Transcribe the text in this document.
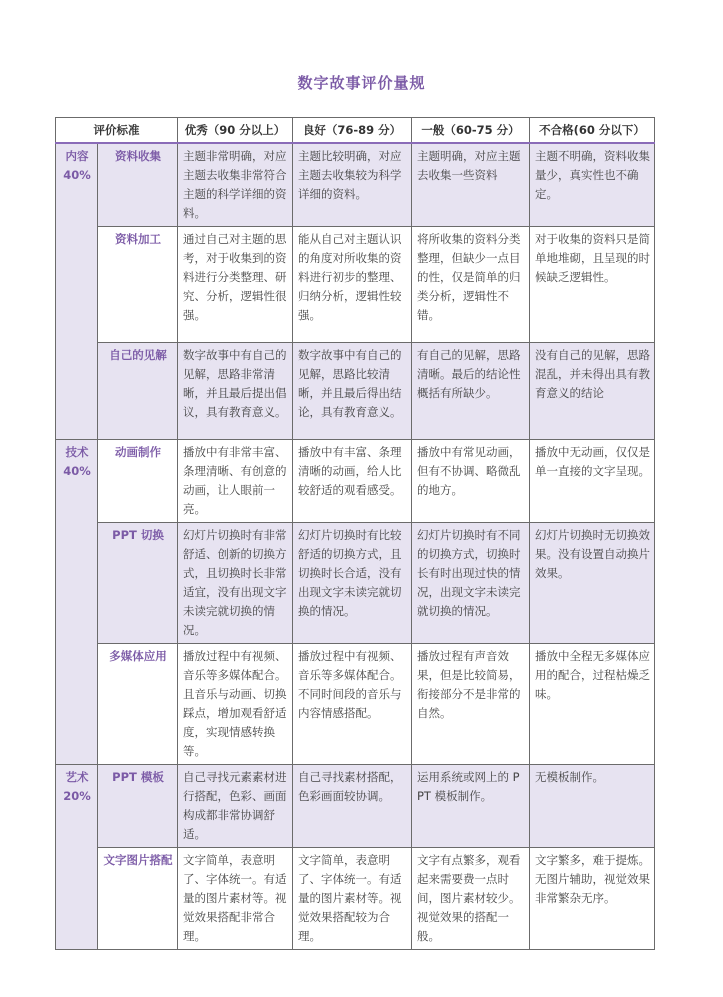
数字故事评价量规
评价标准		优秀（90 分以上）	良好（76-89 分）	一般（60-75 分）	不合格(60 分以下）

内容
40%	资料收集	主题非常明确，对应主题去收集非常符合主题的科学详细的资料。	主题比较明确，对应主题去收集较为科学详细的资料。	主题明确，对应主题去收集一些资料	主题不明确，资料收集量少，真实性也不确定。
	资料加工	通过自己对主题的思考，对于收集到的资料进行分类整理、研究、分析，逻辑性很强。	能从自己对主题认识的角度对所收集的资料进行初步的整理、归纳分析，逻辑性较强。	将所收集的资料分类整理，但缺少一点目的性，仅是简单的归类分析，逻辑性不错。	对于收集的资料只是简单地堆砌，且呈现的时候缺乏逻辑性。
	自己的见解	数字故事中有自己的见解，思路非常清晰，并且最后提出倡议，具有教育意义。	数字故事中有自己的见解，思路比较清晰，并且最后得出结论，具有教育意义。	有自己的见解，思路清晰。最后的结论性概括有所缺少。	没有自己的见解，思路混乱，并未得出具有教育意义的结论

技术
40%	动画制作	播放中有非常丰富、条理清晰、有创意的动画，让人眼前一亮。	播放中有丰富、条理清晰的动画，给人比较舒适的观看感受。	播放中有常见动画，但有不协调、略微乱的地方。	播放中无动画，仅仅是单一直接的文字呈现。
	PPT 切换	幻灯片切换时有非常舒适、创新的切换方式，且切换时长非常适宜，没有出现文字未读完就切换的情况。	幻灯片切换时有比较舒适的切换方式，且切换时长合适，没有出现文字未读完就切换的情况。	幻灯片切换时有不同的切换方式，切换时长有时出现过快的情况，出现文字未读完就切换的情况。	幻灯片切换时无切换效果。没有设置自动换片效果。
	多媒体应用	播放过程中有视频、音乐等多媒体配合。且音乐与动画、切换踩点，增加观看舒适度，实现情感转换等。	播放过程中有视频、音乐等多媒体配合。不同时间段的音乐与内容情感搭配。	播放过程有声音效果，但是比较简易，衔接部分不是非常的自然。	播放中全程无多媒体应用的配合，过程枯燥乏味。

艺术
20%	PPT 模板	自己寻找元素素材进行搭配，色彩、画面构成都非常协调舒适。	自己寻找素材搭配，色彩画面较协调。	运用系统或网上的 PPT 模板制作。	无模板制作。
	文字图片搭配	文字简单，表意明了、字体统一。有适量的图片素材等。视觉效果搭配非常合理。	文字简单，表意明了、字体统一。有适量的图片素材等。视觉效果搭配较为合理。	文字有点繁多，观看起来需要费一点时间，图片素材较少。视觉效果的搭配一般。	文字繁多，难于提炼。无图片辅助，视觉效果非常繁杂无序。
